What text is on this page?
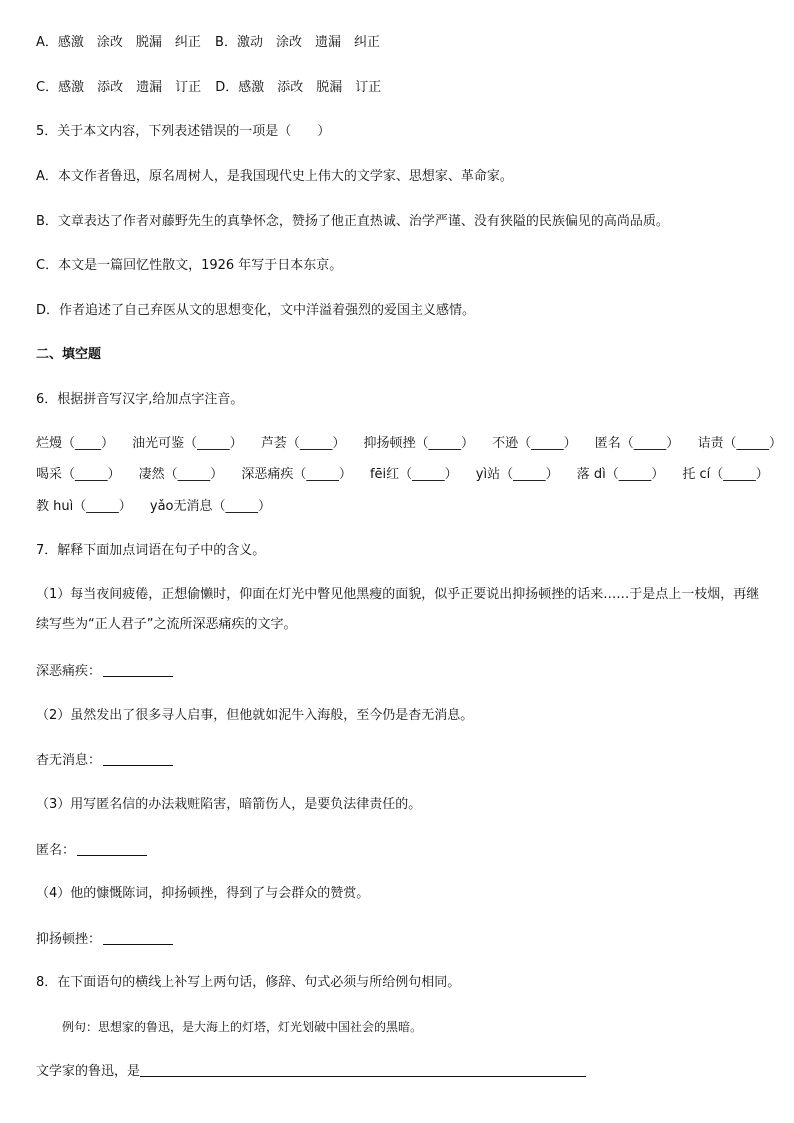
A．感激　涂改　脱漏　纠正 B．激动　涂改　遗漏　纠正
C．感激　添改　遗漏　订正 D．感激　添改　脱漏　订正
5．关于本文内容，下列表述错误的一项是（　　）
A．本文作者鲁迅，原名周树人，是我国现代史上伟大的文学家、思想家、革命家。
B．文章表达了作者对藤野先生的真挚怀念，赞扬了他正直热诚、治学严谨、没有狭隘的民族偏见的高尚品质。
C．本文是一篇回忆性散文，1926 年写于日本东京。
D．作者追述了自己弃医从文的思想变化，文中洋溢着强烈的爱国主义感情。
二、填空题
6．根据拼音写汉字,给加点字注音。
烂熳（____） 油光可鉴（_____） 芦荟（_____） 抑扬顿挫（_____） 不逊（_____） 匿名（_____） 诘责（_____）
喝采（_____） 凄然（_____） 深恶痛疾（_____） fēi红（_____） yì站（_____） 落 dì（_____） 托 cí（_____）
教 huì（_____） yǎo无消息（_____）
7．解释下面加点词语在句子中的含义。
（1）每当夜间疲倦，正想偷懒时，仰面在灯光中瞥见他黑瘦的面貌，似乎正要说出抑扬顿挫的话来……于是点上一枝烟，再继续写些为“正人君子”之流所深恶痛疾的文字。
深恶痛疾：
（2）虽然发出了很多寻人启事，但他就如泥牛入海般，至今仍是杳无消息。
杳无消息：
（3）用写匿名信的办法栽赃陷害，暗箭伤人，是要负法律责任的。
匿名：
（4）他的慷慨陈词，抑扬顿挫，得到了与会群众的赞赏。
抑扬顿挫：
8．在下面语句的横线上补写上两句话，修辞、句式必须与所给例句相同。
例句：思想家的鲁迅，是大海上的灯塔，灯光划破中国社会的黑暗。
文学家的鲁迅，是
